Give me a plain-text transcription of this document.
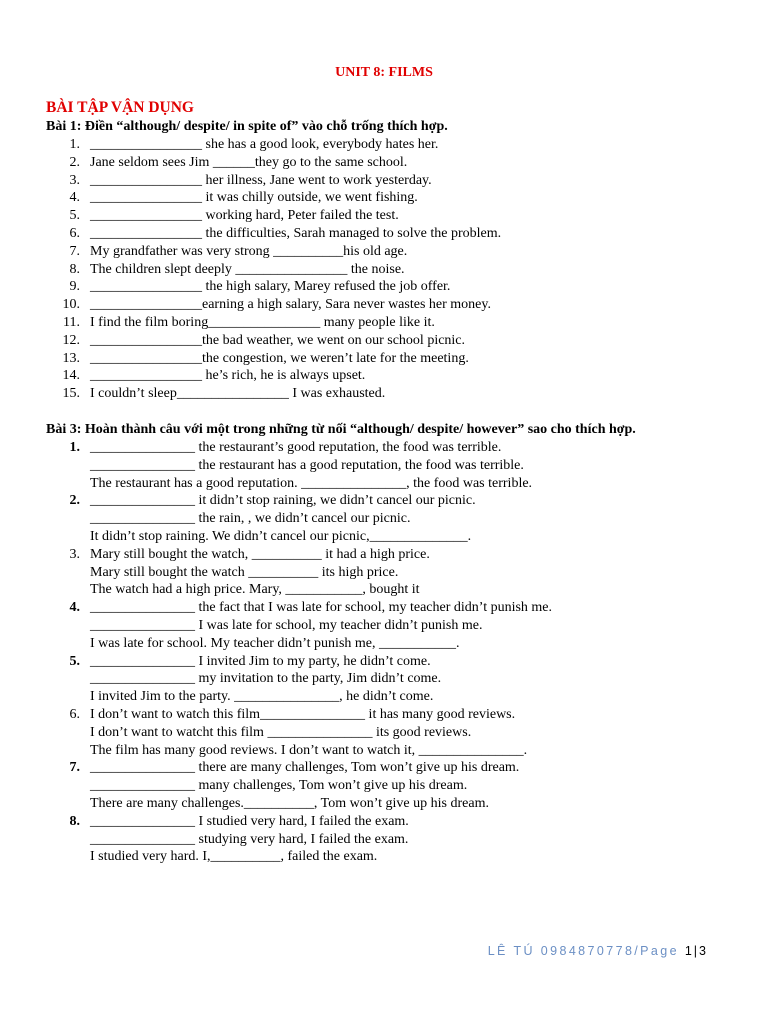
UNIT 8: FILMS
BÀI TẬP VẬN DỤNG
Bài 1: Điền “although/ despite/ in spite of” vào chỗ trống thích hợp.
1. ________________ she has a good look, everybody hates her.
2. Jane seldom sees Jim ______they go to the same school.
3. ________________ her illness, Jane went to work yesterday.
4. ________________ it was chilly outside, we went fishing.
5. ________________ working hard, Peter failed the test.
6. ________________ the difficulties, Sarah managed to solve the problem.
7. My grandfather was very strong __________his old age.
8. The children slept deeply ________________ the noise.
9. ________________ the high salary, Marey refused the job offer.
10. ________________earning a high salary, Sara never wastes her money.
11. I find the film boring________________ many people like it.
12. ________________the bad weather, we went on our school picnic.
13. ________________the congestion, we weren’t late for the meeting.
14. ________________ he’s rich, he is always upset.
15. I couldn’t sleep________________ I was exhausted.
Bài 3: Hoàn thành câu với một trong những từ nối “although/ despite/ however” sao cho thích hợp.
1. _______________ the restaurant’s good reputation, the food was terrible.
_______________ the restaurant has a good reputation, the food was terrible.
The restaurant has a good reputation. _______________, the food was terrible.
2. _______________ it didn’t stop raining, we didn’t cancel our picnic.
_______________ the rain, , we didn’t cancel our picnic.
It didn’t stop raining. We didn’t cancel our picnic,______________.
3. Mary still bought the watch, __________ it had a high price.
Mary still bought the watch __________ its high price.
The watch had a high price. Mary, ___________, bought it
4. _______________ the fact that I was late for school, my teacher didn’t punish me.
_______________ I was late for school, my teacher didn’t punish me.
I was late for school. My teacher didn’t punish me, ___________.
5. _______________ I invited Jim to my party, he didn’t come.
_______________ my invitation to the party, Jim didn’t come.
I invited Jim to the party. _______________, he didn’t come.
6. I don’t want to watch this film_______________ it has many good reviews.
I don’t want to watcht this film _______________ its good reviews.
The film has many good reviews. I don’t want to watch it, _______________.
7. _______________ there are many challenges, Tom won’t give up his dream.
_______________ many challenges, Tom won’t give up his dream.
There are many challenges.__________, Tom won’t give up his dream.
8. _______________ I studied very hard, I failed the exam.
_______________ studying very hard, I failed the exam.
I studied very hard. I,__________, failed the exam.
LÊ TÚ 0984870778/Page 1|3
